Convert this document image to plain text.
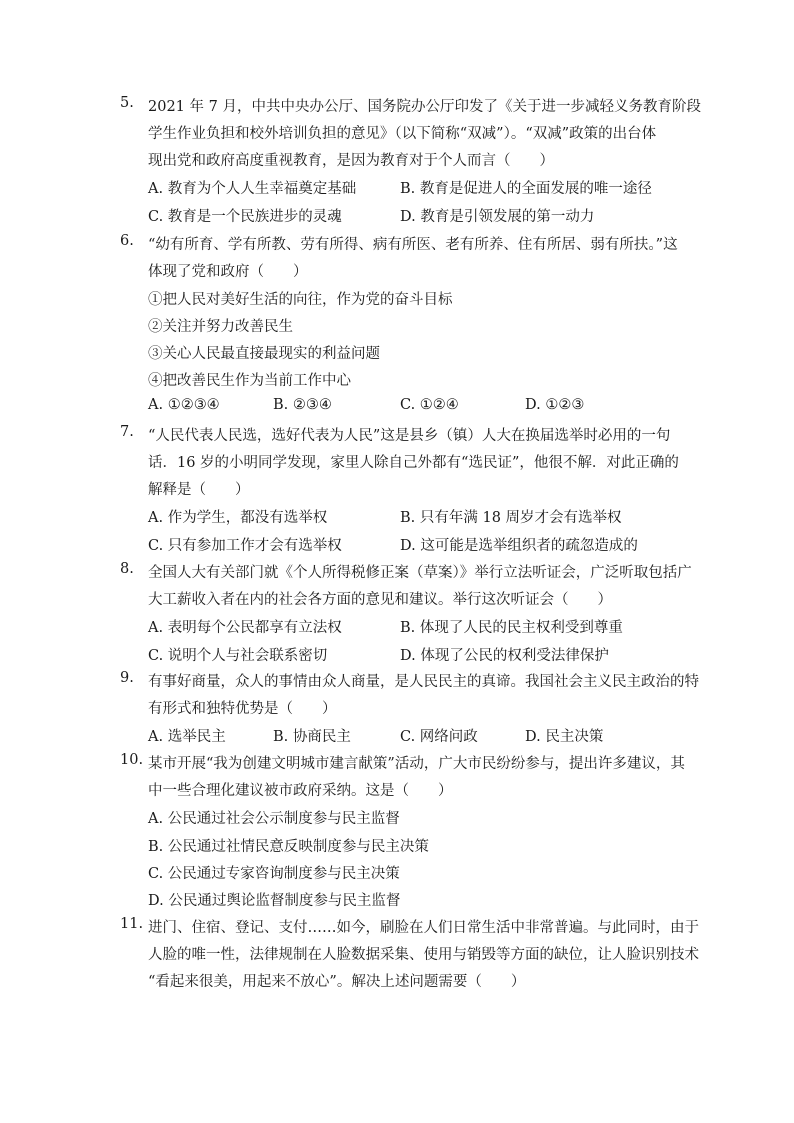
5. 2021 年 7 月，中共中央办公厅、国务院办公厅印发了《关于进一步减轻义务教育阶段
学生作业负担和校外培训负担的意见》（以下简称“双减”）。“双减”政策的出台体
现出党和政府高度重视教育，是因为教育对于个人而言（　　）
A. 教育为个人人生幸福奠定基础	B. 教育是促进人的全面发展的唯一途径
C. 教育是一个民族进步的灵魂	D. 教育是引领发展的第一动力
6. “幼有所育、学有所教、劳有所得、病有所医、老有所养、住有所居、弱有所扶。”这
体现了党和政府（　　）
①把人民对美好生活的向往，作为党的奋斗目标
②关注并努力改善民生
③关心人民最直接最现实的利益问题
④把改善民生作为当前工作中心
A. ①②③④	B. ②③④	C. ①②④	D. ①②③
7. “人民代表人民选，选好代表为人民”这是县乡（镇）人大在换届选举时必用的一句
话．16 岁的小明同学发现，家里人除自己外都有“选民证”，他很不解．对此正确的
解释是（　　）
A. 作为学生，都没有选举权	B. 只有年满 18 周岁才会有选举权
C. 只有参加工作才会有选举权	D. 这可能是选举组织者的疏忽造成的
8. 全国人大有关部门就《个人所得税修正案（草案）》举行立法听证会，广泛听取包括广
大工薪收入者在内的社会各方面的意见和建议。举行这次听证会（　　）
A. 表明每个公民都享有立法权	B. 体现了人民的民主权利受到尊重
C. 说明个人与社会联系密切	D. 体现了公民的权利受法律保护
9. 有事好商量，众人的事情由众人商量，是人民民主的真谛。我国社会主义民主政治的特
有形式和独特优势是（　　）
A. 选举民主	B. 协商民主	C. 网络问政	D. 民主决策
10. 某市开展“我为创建文明城市建言献策”活动，广大市民纷纷参与，提出许多建议，其
中一些合理化建议被市政府采纳。这是（　　）
A. 公民通过社会公示制度参与民主监督
B. 公民通过社情民意反映制度参与民主决策
C. 公民通过专家咨询制度参与民主决策
D. 公民通过舆论监督制度参与民主监督
11. 进门、住宿、登记、支付……如今，刷脸在人们日常生活中非常普遍。与此同时，由于
人脸的唯一性，法律规制在人脸数据采集、使用与销毁等方面的缺位，让人脸识别技术
“看起来很美，用起来不放心”。解决上述问题需要（　　）
